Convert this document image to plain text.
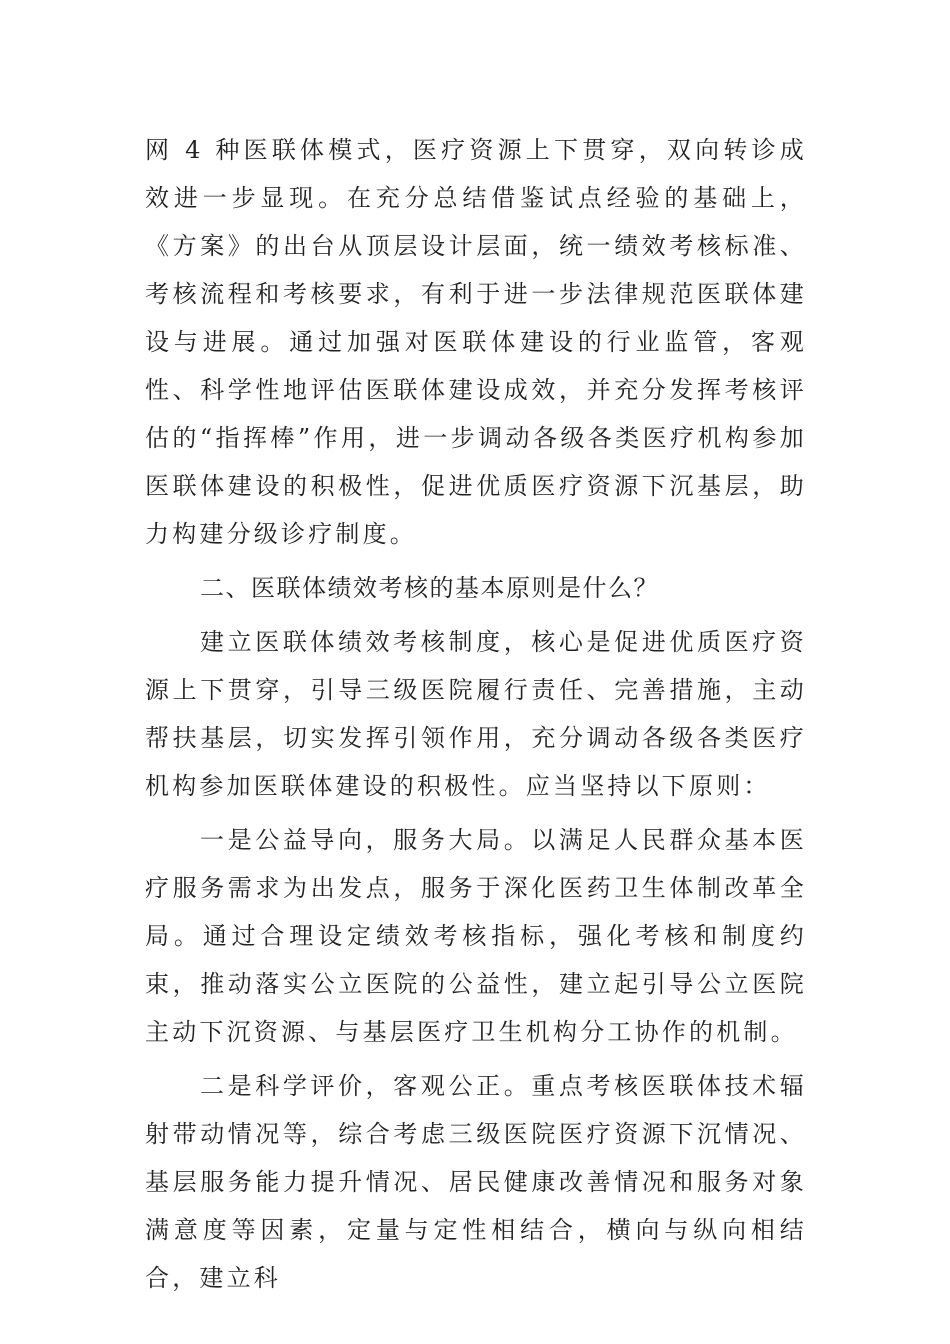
网 4 种医联体模式，医疗资源上下贯穿，双向转诊成效进一步显现。在充分总结借鉴试点经验的基础上，《方案》的出台从顶层设计层面，统一绩效考核标准、考核流程和考核要求，有利于进一步法律规范医联体建设与进展。通过加强对医联体建设的行业监管，客观性、科学性地评估医联体建设成效，并充分发挥考核评估的“指挥棒”作用，进一步调动各级各类医疗机构参加医联体建设的积极性，促进优质医疗资源下沉基层，助力构建分级诊疗制度。

二、医联体绩效考核的基本原则是什么？

建立医联体绩效考核制度，核心是促进优质医疗资源上下贯穿，引导三级医院履行责任、完善措施，主动帮扶基层，切实发挥引领作用，充分调动各级各类医疗机构参加医联体建设的积极性。应当坚持以下原则：

一是公益导向，服务大局。以满足人民群众基本医疗服务需求为出发点，服务于深化医药卫生体制改革全局。通过合理设定绩效考核指标，强化考核和制度约束，推动落实公立医院的公益性，建立起引导公立医院主动下沉资源、与基层医疗卫生机构分工协作的机制。

二是科学评价，客观公正。重点考核医联体技术辐射带动情况等，综合考虑三级医院医疗资源下沉情况、基层服务能力提升情况、居民健康改善情况和服务对象满意度等因素，定量与定性相结合，横向与纵向相结合，建立科
